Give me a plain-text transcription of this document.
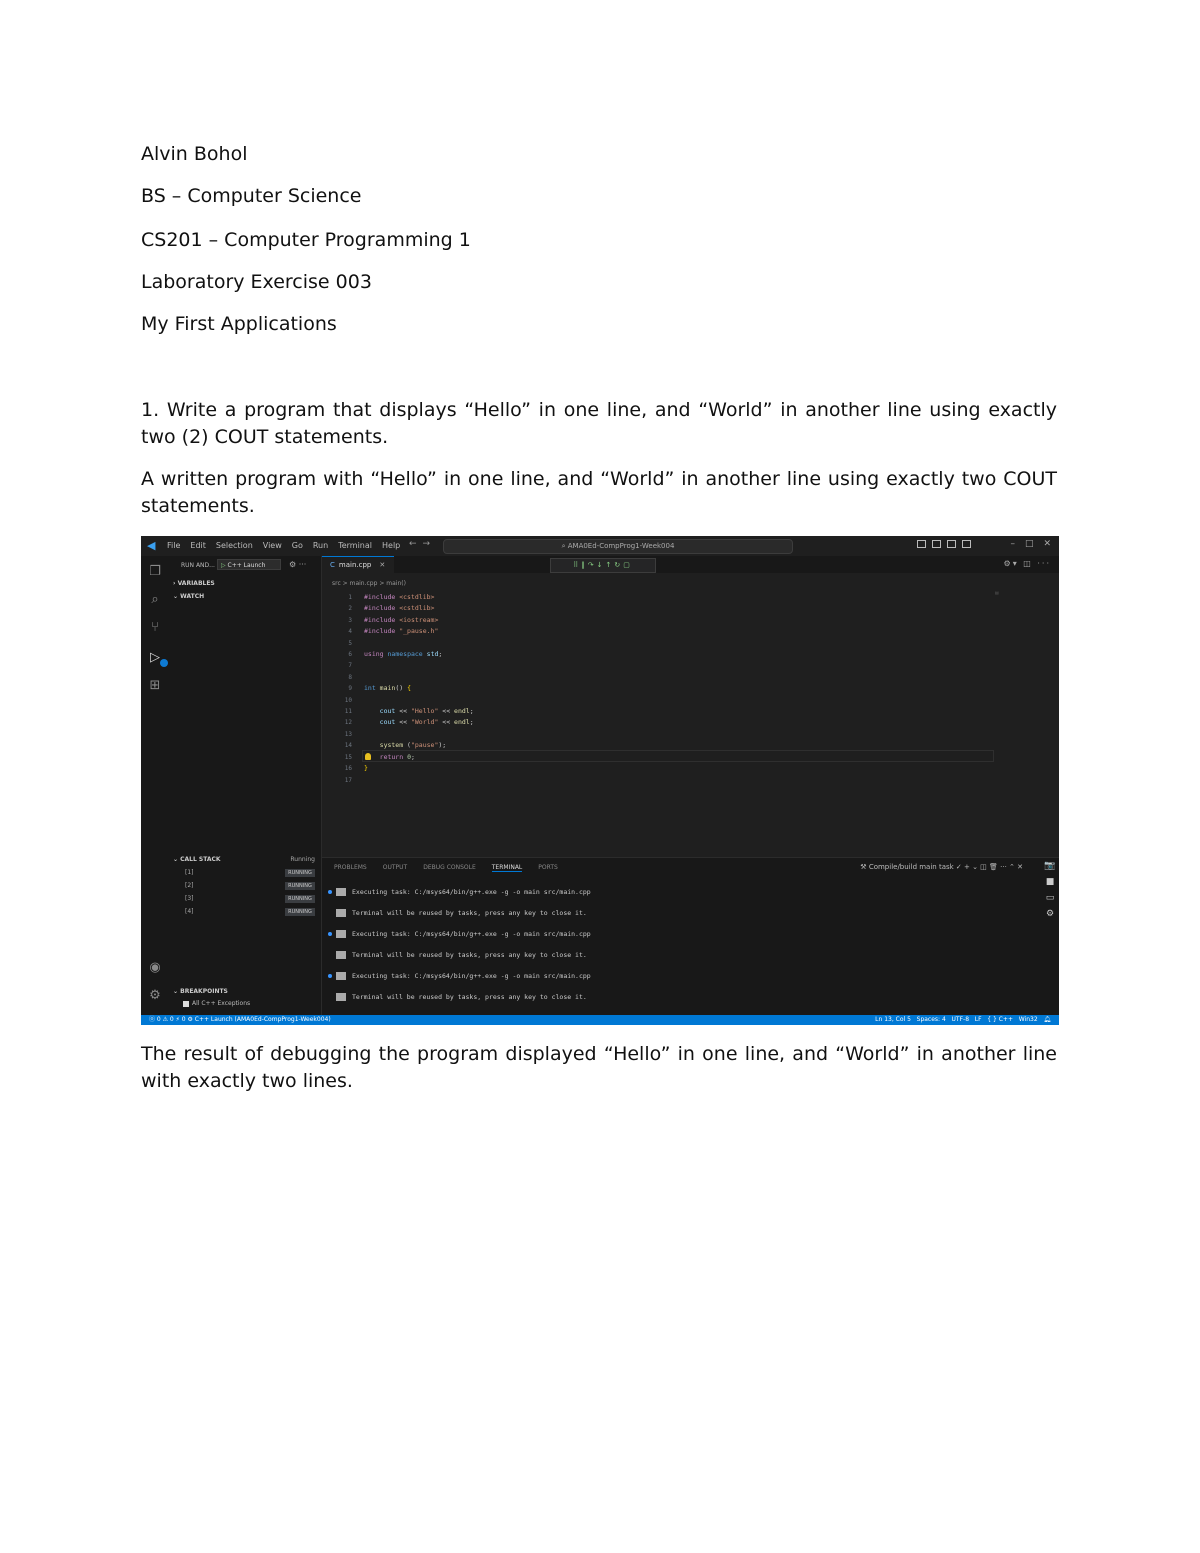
Alvin Bohol
BS – Computer Science
CS201 – Computer Programming 1
Laboratory Exercise 003
My First Applications
1. Write a program that displays “Hello” in one line, and “World” in another line using exactly two (2) COUT statements.
A written program with “Hello” in one line, and “World” in another line using exactly two COUT statements.
◀	File Edit Selection View Go Run Terminal Help ←→	⌕ AMA0Ed-CompProg1-Week004	– □ ✕
❐
⌕
⑂
▷
⊞
◉
⚙
RUN AND...	▷ C++ Launch	⚙ ···
› VARIABLES
⌄ WATCH
⌄ CALL STACK	Running
[1]	RUNNING
[2]	RUNNING
[3]	RUNNING
[4]	RUNNING
⌄ BREAKPOINTS
All C++ Exceptions
C main.cpp ✕	⠿‖↷↓↑↻▢	⚙▾ ◫ ···
src > main.cpp > main()
1
2
3
4
5
6
7
8
9
10
11
12
13
14
15
16
17
#include <cstdlib>
#include <cstdlib>
#include <iostream>
#include "_pause.h"

using namespace std;

int main() {

cout << "Hello" << endl;
cout << "World" << endl;

system ("pause");
return 0;
}

▤
PROBLEMS	OUTPUT	DEBUG CONSOLE	TERMINAL	PORTS	⚒ Compile/build main task ✓ + ⌄ ◫ 🗑 ··· ⌃ ✕
Executing task: C:/msys64/bin/g++.exe -g -o main src/main.cpp
Terminal will be reused by tasks, press any key to close it.
Executing task: C:/msys64/bin/g++.exe -g -o main src/main.cpp
Terminal will be reused by tasks, press any key to close it.
Executing task: C:/msys64/bin/g++.exe -g -o main src/main.cpp
Terminal will be reused by tasks, press any key to close it.
📷
■
▭
⚙
⓪ 0 ⚠ 0 ⚡ 0 ⚙ C++ Launch (AMA0Ed-CompProg1-Week004)	Ln 13, Col 5 Spaces: 4 UTF-8 LF { } C++ Win32 🔔︎
The result of debugging the program displayed “Hello” in one line, and “World” in another line with exactly two lines.
